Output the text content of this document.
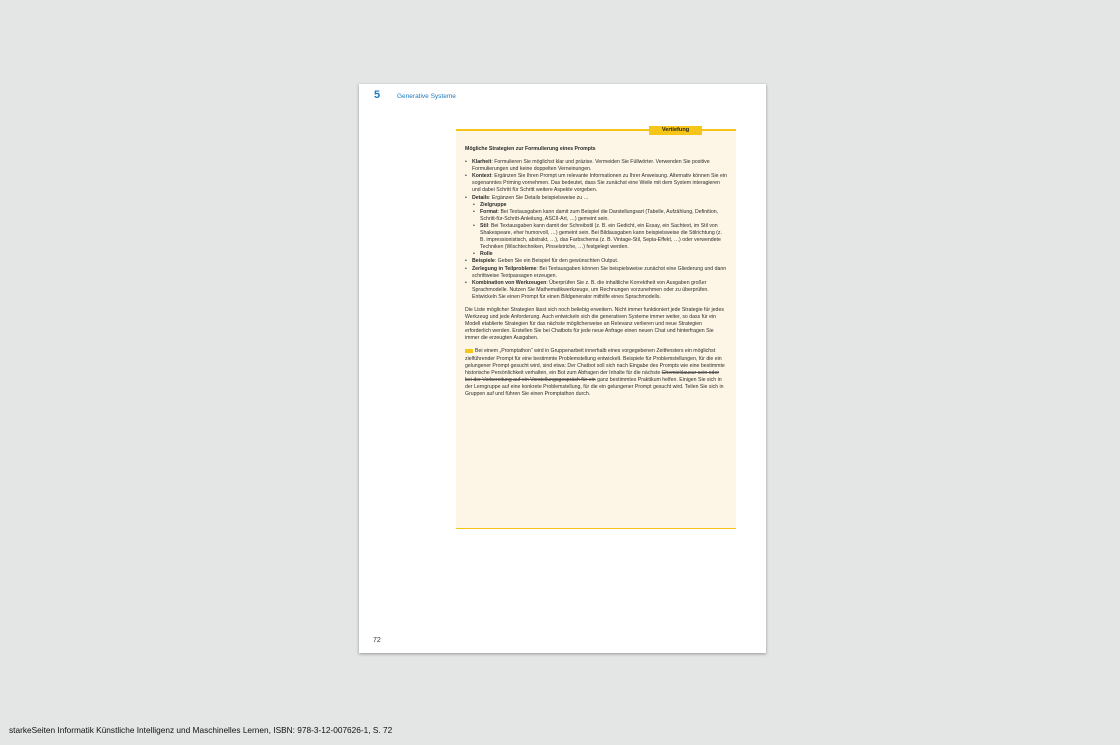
5	Generative Systeme
Vertiefung

Mögliche Strategien zur Formulierung eines Prompts

• Klarheit: Formulieren Sie möglichst klar und präzise. Vermeiden Sie Füllwörter. Verwenden Sie positive Formulierungen und keine doppelten Verneinungen.
• Kontext: Ergänzen Sie Ihren Prompt um relevante Informationen zu Ihrer Anweisung. Alternativ können Sie ein sogenanntes Priming vornehmen. Das bedeutet, dass Sie zunächst eine Weile mit dem System interagieren und dabei Schritt für Schritt weitere Aspekte vorgeben.
• Details: Ergänzen Sie Details beispielsweise zu …
• Zielgruppe
• Format: Bei Textausgaben kann damit zum Beispiel die Darstellungsart (Tabelle, Aufzählung, Definition, Schritt-für-Schritt-Anleitung, ASCII-Art, …) gemeint sein.
• Stil: Bei Textausgaben kann damit der Schreibstil (z. B. ein Gedicht, ein Essay, ein Sachtext, im Stil von Shakespeare, eher humorvoll, …) gemeint sein. Bei Bildausgaben kann beispielsweise die Stilrichtung (z. B. impressionistisch, abstrakt, …), das Farbschema (z. B. Vintage-Stil, Sepia-Effekt, …) oder verwendete Techniken (Wischtechniken, Pinselstriche, …) festgelegt werden.
• Rolle
• Beispiele: Geben Sie ein Beispiel für den gewünschten Output.
• Zerlegung in Teilprobleme: Bei Textausgaben können Sie beispielsweise zunächst eine Gliederung und dann schrittweise Textpassagen erzeugen.
• Kombination von Werkzeugen: Überprüfen Sie z. B. die inhaltliche Korrektheit von Ausgaben großer Sprachmodelle. Nutzen Sie Mathematikwerkzeuge, um Rechnungen vorzunehmen oder zu überprüfen. Entwickeln Sie einen Prompt für einen Bildgenerator mithilfe eines Sprachmodells.

Die Liste möglicher Strategien lässt sich noch beliebig erweitern. Nicht immer funktioniert jede Strategie für jedes Werkzeug und jede Anforderung. Auch entwickeln sich die generativen Systeme immer weiter, so dass für ein Modell etablierte Strategien für das nächste möglicherweise an Relevanz verlieren und neue Strategien erforderlich werden. Erstellen Sie bei Chatbots für jede neue Anfrage einen neuen Chat und hinterfragen Sie immer die erzeugten Ausgaben.

Bei einem „Promptathon“ wird in Gruppenarbeit innerhalb eines vorgegebenen Zeitfensters ein möglichst zielführender Prompt für eine bestimmte Problemstellung entwickelt. Beispiele für Problemstellungen, für die ein gelungener Prompt gesucht wird, sind etwa: Der Chatbot soll sich nach Eingabe des Prompts wie eine bestimmte historische Persönlichkeit verhalten, ein Bot zum Abfragen der Inhalte für die nächste Chemieklausur sein oder bei der Vorbereitung auf ein Vorstellungsgespräch für ein ganz bestimmtes Praktikum helfen. Einigen Sie sich in der Lerngruppe auf eine konkrete Problemstellung, für die ein gelungener Prompt gesucht wird. Teilen Sie sich in Gruppen auf und führen Sie einen Promptathon durch.

72
starkeSeiten Informatik Künstliche Intelligenz und Maschinelles Lernen, ISBN: 978-3-12-007626-1, S. 72
